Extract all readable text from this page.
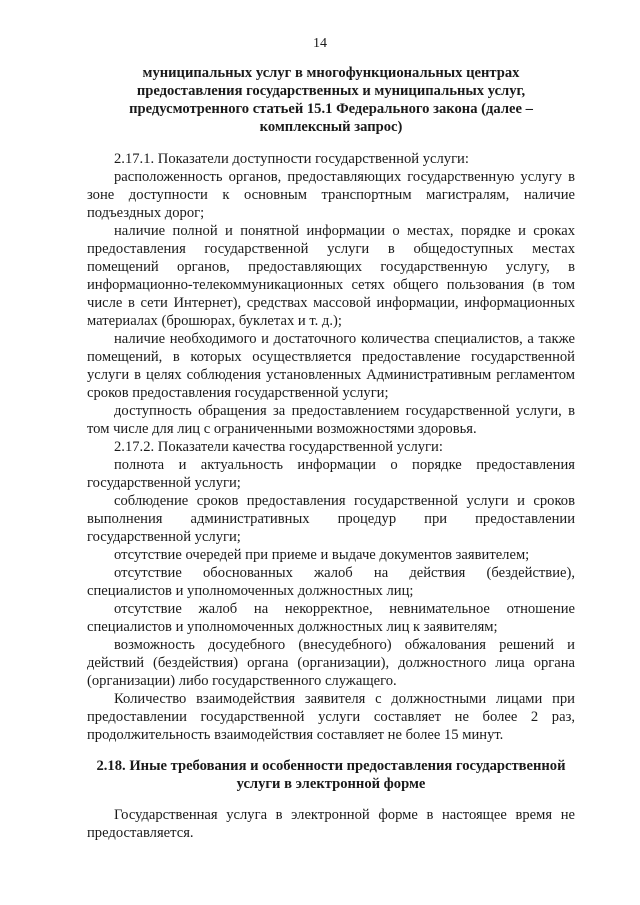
14
муниципальных услуг в многофункциональных центрах
предоставления государственных и муниципальных услуг,
предусмотренного статьей 15.1 Федерального закона (далее –
комплексный запрос)

2.17.1. Показатели доступности государственной услуги:

расположенность органов, предоставляющих государственную услугу в зоне доступности к основным транспортным магистралям, наличие подъездных дорог;

наличие полной и понятной информации о местах, порядке и сроках предоставления государственной услуги в общедоступных местах помещений органов, предоставляющих государственную услугу, в информационно-телекоммуникационных сетях общего пользования (в том числе в сети Интернет), средствах массовой информации, информационных материалах (брошюрах, буклетах и т. д.);

наличие необходимого и достаточного количества специалистов, а также помещений, в которых осуществляется предоставление государственной услуги в целях соблюдения установленных Административным регламентом сроков предоставления государственной услуги;

доступность обращения за предоставлением государственной услуги, в том числе для лиц с ограниченными возможностями здоровья.

2.17.2. Показатели качества государственной услуги:

полнота и актуальность информации о порядке предоставления государственной услуги;

соблюдение сроков предоставления государственной услуги и сроков выполнения административных процедур при предоставлении государственной услуги;

отсутствие очередей при приеме и выдаче документов заявителем;

отсутствие обоснованных жалоб на действия (бездействие), специалистов и уполномоченных должностных лиц;

отсутствие жалоб на некорректное, невнимательное отношение специалистов и уполномоченных должностных лиц к заявителям;

возможность досудебного (внесудебного) обжалования решений и действий (бездействия) органа (организации), должностного лица органа (организации) либо государственного служащего.

Количество взаимодействия заявителя с должностными лицами при предоставлении государственной услуги составляет не более 2 раз, продолжительность взаимодействия составляет не более 15 минут.

2.18. Иные требования и особенности предоставления государственной
услуги в электронной форме

Государственная услуга в электронной форме в настоящее время не предоставляется.
